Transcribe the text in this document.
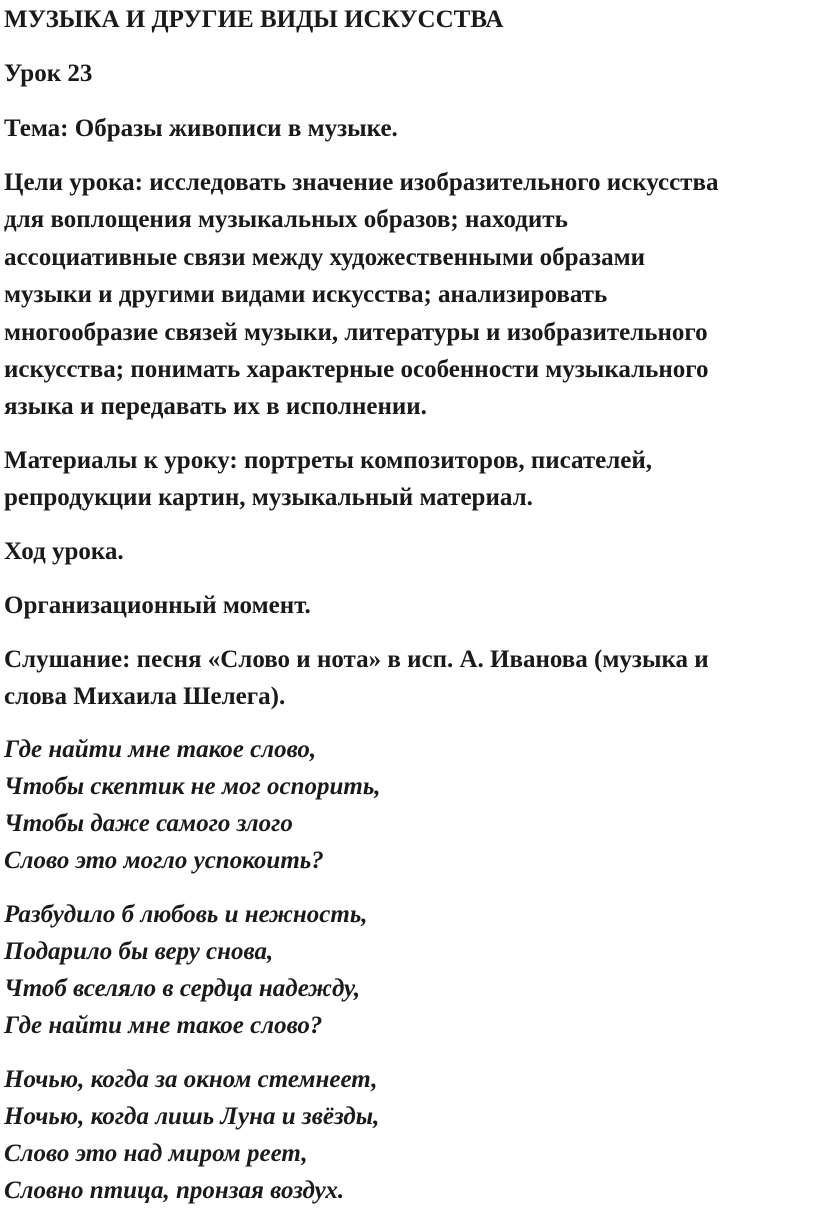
МУЗЫКА И ДРУГИЕ ВИДЫ ИСКУССТВА
Урок 23
Тема: Образы живописи в музыке.
Цели урока: исследовать значение изобразительного искусства
для воплощения музыкальных образов; находить
ассоциативные связи между художественными образами
музыки и другими видами искусства; анализировать
многообразие связей музыки, литературы и изобразительного
искусства; понимать характерные особенности музыкального
языка и передавать их в исполнении.
Материалы к уроку: портреты композиторов, писателей,
репродукции картин, музыкальный материал.
Ход урока.
Организационный момент.
Слушание: песня «Слово и нота» в исп. А. Иванова (музыка и
слова Михаила Шелега).
Где найти мне такое слово,
Чтобы скептик не мог оспорить,
Чтобы даже самого злого
Слово это могло успокоить?
Разбудило б любовь и нежность,
Подарило бы веру снова,
Чтоб вселяло в сердца надежду,
Где найти мне такое слово?
Ночью, когда за окном стемнеет,
Ночью, когда лишь Луна и звёзды,
Слово это над миром реет,
Словно птица, пронзая воздух.
